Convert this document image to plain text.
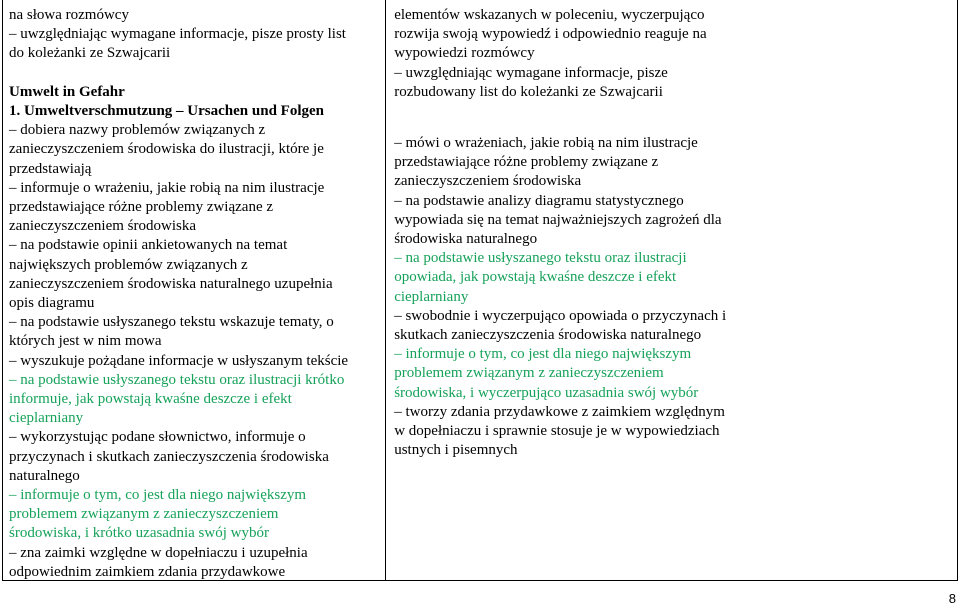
na słowa rozmówcy
– uwzględniając wymagane informacje, pisze prosty list
do koleżanki ze Szwajcarii

Umwelt in Gefahr
1. Umweltverschmutzung – Ursachen und Folgen
– dobiera nazwy problemów związanych z
zanieczyszczeniem środowiska do ilustracji, które je
przedstawiają
– informuje o wrażeniu, jakie robią na nim ilustracje
przedstawiające różne problemy związane z
zanieczyszczeniem środowiska
– na podstawie opinii ankietowanych na temat
największych problemów związanych z
zanieczyszczeniem środowiska naturalnego uzupełnia
opis diagramu
– na podstawie usłyszanego tekstu wskazuje tematy, o
których jest w nim mowa
– wyszukuje pożądane informacje w usłyszanym tekście
– na podstawie usłyszanego tekstu oraz ilustracji krótko
informuje, jak powstają kwaśne deszcze i efekt
cieplarniany
– wykorzystując podane słownictwo, informuje o
przyczynach i skutkach zanieczyszczenia środowiska
naturalnego
– informuje o tym, co jest dla niego największym
problemem związanym z zanieczyszczeniem
środowiska, i krótko uzasadnia swój wybór
– zna zaimki względne w dopełniaczu i uzupełnia
odpowiednim zaimkiem zdania przydawkowe
elementów wskazanych w poleceniu, wyczerpująco
rozwija swoją wypowiedź i odpowiednio reaguje na
wypowiedzi rozmówcy
– uwzględniając wymagane informacje, pisze
rozbudowany list do koleżanki ze Szwajcarii
– mówi o wrażeniach, jakie robią na nim ilustracje
przedstawiające różne problemy związane z
zanieczyszczeniem środowiska
– na podstawie analizy diagramu statystycznego
wypowiada się na temat najważniejszych zagrożeń dla
środowiska naturalnego
– na podstawie usłyszanego tekstu oraz ilustracji
opowiada, jak powstają kwaśne deszcze i efekt
cieplarniany
– swobodnie i wyczerpująco opowiada o przyczynach i
skutkach zanieczyszczenia środowiska naturalnego
– informuje o tym, co jest dla niego największym
problemem związanym z zanieczyszczeniem
środowiska, i wyczerpująco uzasadnia swój wybór
– tworzy zdania przydawkowe z zaimkiem względnym
w dopełniaczu i sprawnie stosuje je w wypowiedziach
ustnych i pisemnych
8
